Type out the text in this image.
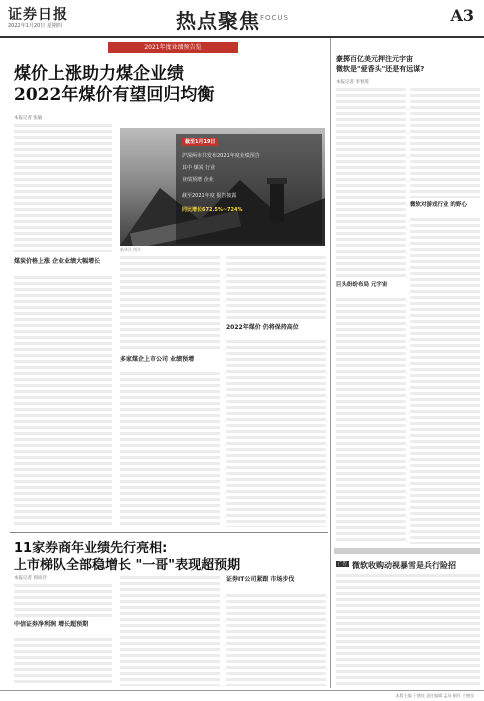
证券日报
2022年1月20日 星期四	热点聚焦 FOCUS	A3
2021年度业绩预告览
煤价上涨助力煤企业绩
2022年煤价有望回归均衡
本报记者 张敏
煤炭价格上涨 企业业绩大幅增长
新华社 图片
截至1月19日
沪深两市共发布2021年度业绩预告
其中 煤炭 行业
业绩预增 企业
截至2021年度 报告披露
同比增长672.5%~724%
多家煤企上市公司 业绩预增
2022年煤价 仍将保持高位
11家券商年业绩先行亮相:
上市梯队全部稳增长 "一哥"表现超预期
本报记者 周尚伃
中信证券净利润 增长超预期
证券IT公司紧跟 市场步伐
豪掷百亿美元押注元宇宙
微软是"爱香头"还是有远谋?
本报记者 李春莲
巨头纷纷布局 元宇宙
微软对游戏行业 的野心
广告 微软收购动视暴雪是兵行险招
本版主编 于德良 责任编辑 孟珂 制作 于德良
